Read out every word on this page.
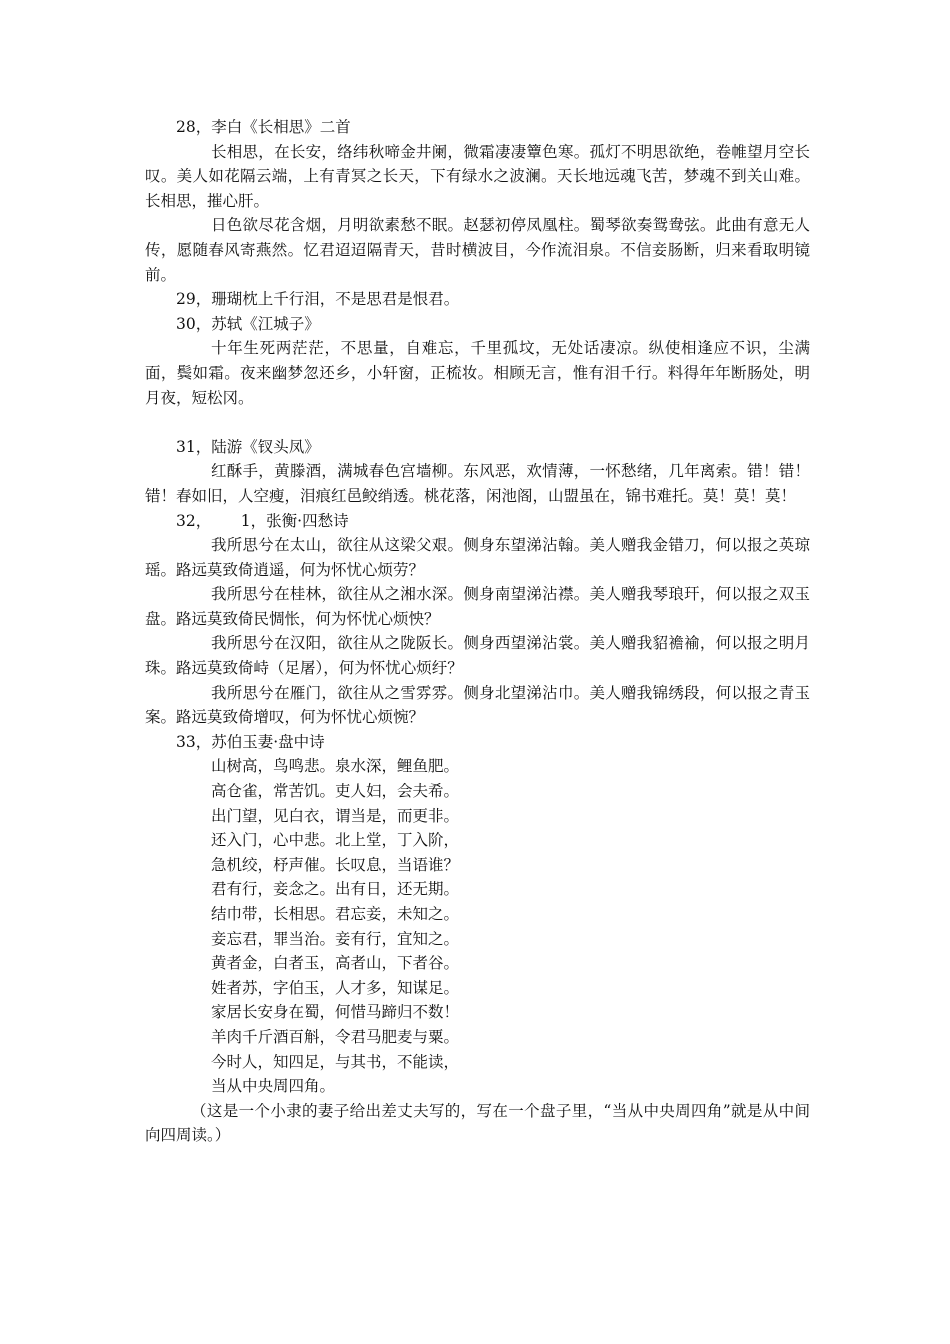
28，李白《长相思》二首
长相思，在长安，络纬秋啼金井阑，微霜凄凄簟色寒。孤灯不明思欲绝，卷帷望月空长叹。美人如花隔云端，上有青冥之长天，下有绿水之波澜。天长地远魂飞苦，梦魂不到关山难。长相思，摧心肝。
日色欲尽花含烟，月明欲素愁不眠。赵瑟初停凤凰柱。蜀琴欲奏鸳鸯弦。此曲有意无人传，愿随春风寄燕然。忆君迢迢隔青天，昔时横波目，今作流泪泉。不信妾肠断，归来看取明镜前。
29，珊瑚枕上千行泪，不是思君是恨君。
30，苏轼《江城子》
十年生死两茫茫，不思量，自难忘，千里孤坟，无处话凄凉。纵使相逢应不识，尘满面，鬓如霜。夜来幽梦忽还乡，小轩窗，正梳妆。相顾无言，惟有泪千行。料得年年断肠处，明月夜，短松冈。
31，陆游《钗头凤》
红酥手，黄滕酒，满城春色宫墙柳。东风恶，欢情薄，一怀愁绪，几年离索。错！错！错！春如旧，人空瘦，泪痕红邑鲛绡透。桃花落，闲池阁，山盟虽在，锦书难托。莫！莫！莫！
32，      1，张衡·四愁诗
我所思兮在太山，欲往从这梁父艰。侧身东望涕沾翰。美人赠我金错刀，何以报之英琼瑶。路远莫致倚逍遥，何为怀忧心烦劳？
我所思兮在桂林，欲往从之湘水深。侧身南望涕沾襟。美人赠我琴琅玕，何以报之双玉盘。路远莫致倚民惆怅，何为怀忧心烦怏？
我所思兮在汉阳，欲往从之陇阪长。侧身西望涕沾裳。美人赠我貂襜褕，何以报之明月珠。路远莫致倚峙（足屠），何为怀忧心烦纡？
我所思兮在雁门，欲往从之雪雰雰。侧身北望涕沾巾。美人赠我锦绣段，何以报之青玉案。路远莫致倚增叹，何为怀忧心烦惋？
33，苏伯玉妻·盘中诗
山树高，鸟鸣悲。泉水深，鲤鱼肥。
高仓雀，常苦饥。吏人妇，会夫希。
出门望，见白衣，谓当是，而更非。
还入门，心中悲。北上堂，丁入阶，
急机绞，杼声催。长叹息，当语谁？
君有行，妾念之。出有日，还无期。
结巾带，长相思。君忘妾，未知之。
妾忘君，罪当治。妾有行，宜知之。
黄者金，白者玉，高者山，下者谷。
姓者苏，字伯玉，人才多，知谋足。
家居长安身在蜀，何惜马蹄归不数！
羊肉千斤酒百斛，令君马肥麦与粟。
今时人，知四足，与其书，不能读，
当从中央周四角。
（这是一个小隶的妻子给出差丈夫写的，写在一个盘子里，“当从中央周四角”就是从中间向四周读。）
